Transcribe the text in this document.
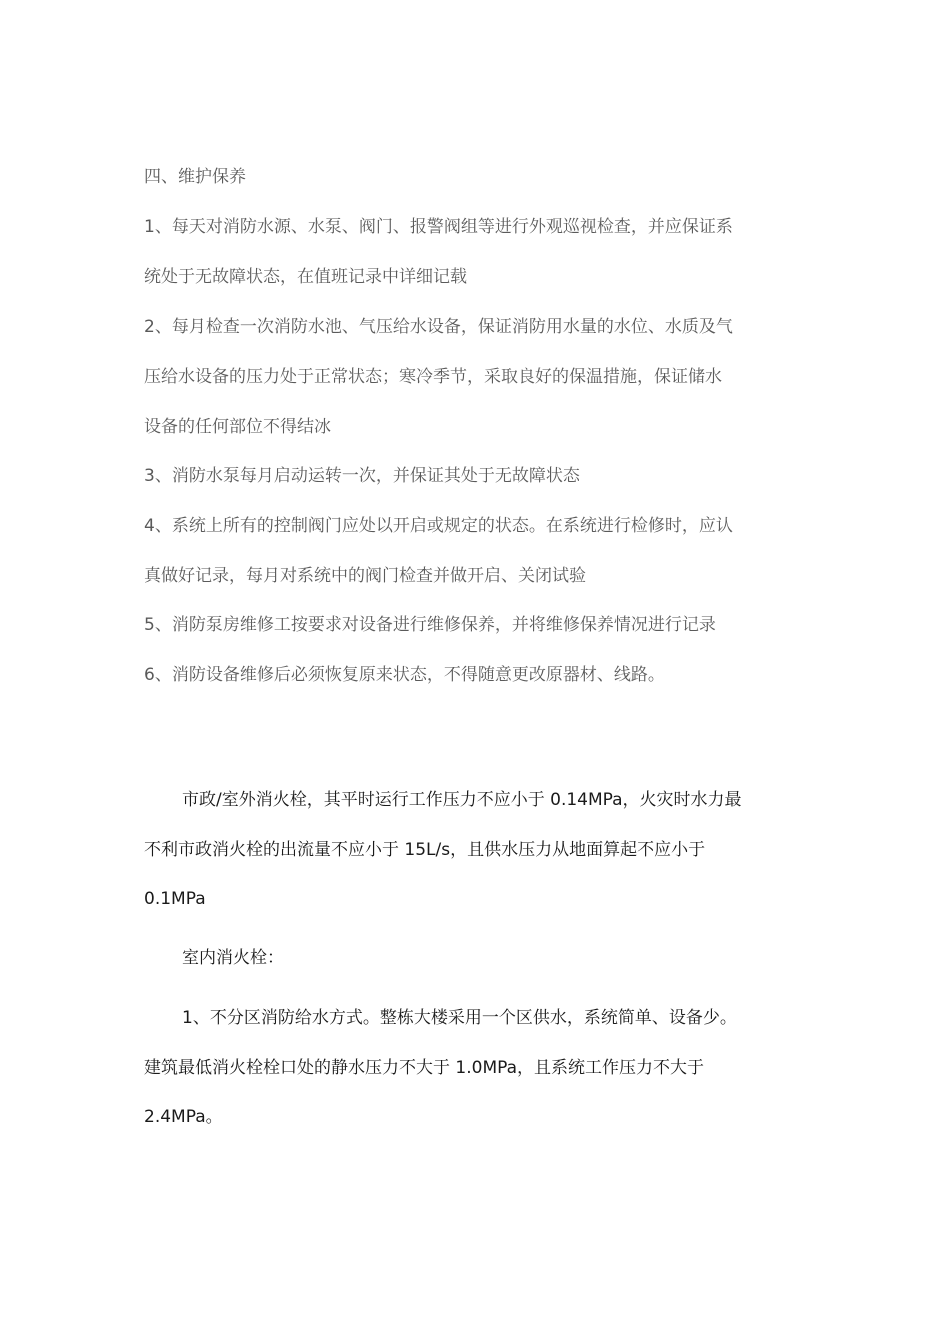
四、维护保养
1、每天对消防水源、水泵、阀门、报警阀组等进行外观巡视检查，并应保证系
统处于无故障状态，在值班记录中详细记载
2、每月检查一次消防水池、气压给水设备，保证消防用水量的水位、水质及气
压给水设备的压力处于正常状态；寒冷季节，采取良好的保温措施，保证储水
设备的任何部位不得结冰
3、消防水泵每月启动运转一次，并保证其处于无故障状态
4、系统上所有的控制阀门应处以开启或规定的状态。在系统进行检修时，应认
真做好记录，每月对系统中的阀门检查并做开启、关闭试验
5、消防泵房维修工按要求对设备进行维修保养，并将维修保养情况进行记录
6、消防设备维修后必须恢复原来状态，不得随意更改原器材、线路。
市政/室外消火栓，其平时运行工作压力不应小于 0.14MPa，火灾时水力最
不利市政消火栓的出流量不应小于 15L/s，且供水压力从地面算起不应小于
0.1MPa
室内消火栓：
1、不分区消防给水方式。整栋大楼采用一个区供水，系统简单、设备少。
建筑最低消火栓栓口处的静水压力不大于 1.0MPa，且系统工作压力不大于
2.4MPa。
